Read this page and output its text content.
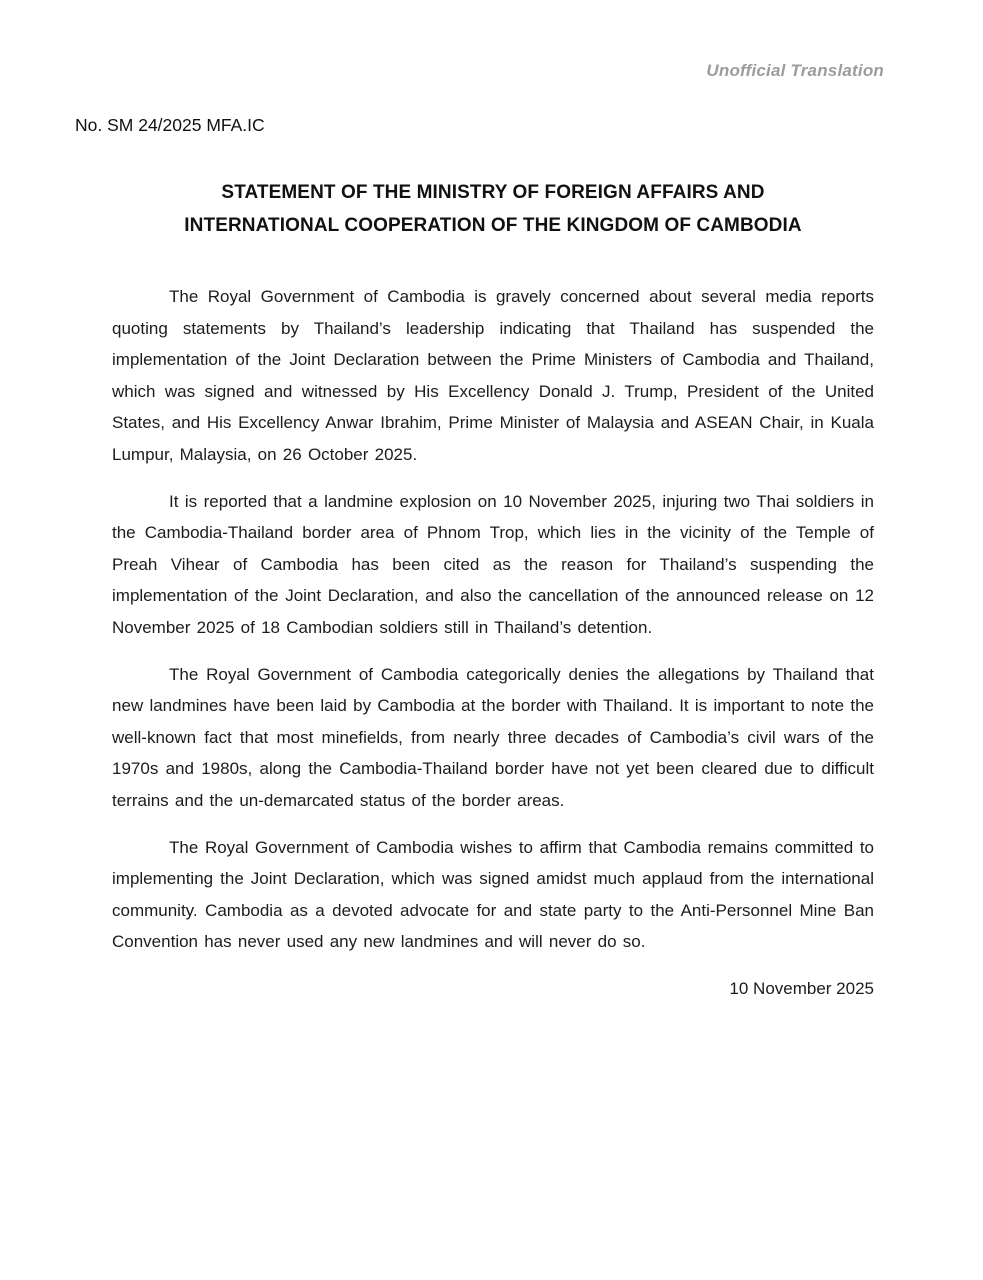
Unofficial Translation
No. SM 24/2025 MFA.IC
STATEMENT OF THE MINISTRY OF FOREIGN AFFAIRS AND
INTERNATIONAL COOPERATION OF THE KINGDOM OF CAMBODIA

The Royal Government of Cambodia is gravely concerned about several media reports quoting statements by Thailand’s leadership indicating that Thailand has suspended the implementation of the Joint Declaration between the Prime Ministers of Cambodia and Thailand, which was signed and witnessed by His Excellency Donald J. Trump, President of the United States, and His Excellency Anwar Ibrahim, Prime Minister of Malaysia and ASEAN Chair, in Kuala Lumpur, Malaysia, on 26 October 2025.

It is reported that a landmine explosion on 10 November 2025, injuring two Thai soldiers in the Cambodia-Thailand border area of Phnom Trop, which lies in the vicinity of the Temple of Preah Vihear of Cambodia has been cited as the reason for Thailand’s suspending the implementation of the Joint Declaration, and also the cancellation of the announced release on 12 November 2025 of 18 Cambodian soldiers still in Thailand’s detention.

The Royal Government of Cambodia categorically denies the allegations by Thailand that new landmines have been laid by Cambodia at the border with Thailand. It is important to note the well-known fact that most minefields, from nearly three decades of Cambodia’s civil wars of the 1970s and 1980s, along the Cambodia-Thailand border have not yet been cleared due to difficult terrains and the un-demarcated status of the border areas.

The Royal Government of Cambodia wishes to affirm that Cambodia remains committed to implementing the Joint Declaration, which was signed amidst much applaud from the international community. Cambodia as a devoted advocate for and state party to the Anti-Personnel Mine Ban Convention has never used any new landmines and will never do so.

10 November 2025
